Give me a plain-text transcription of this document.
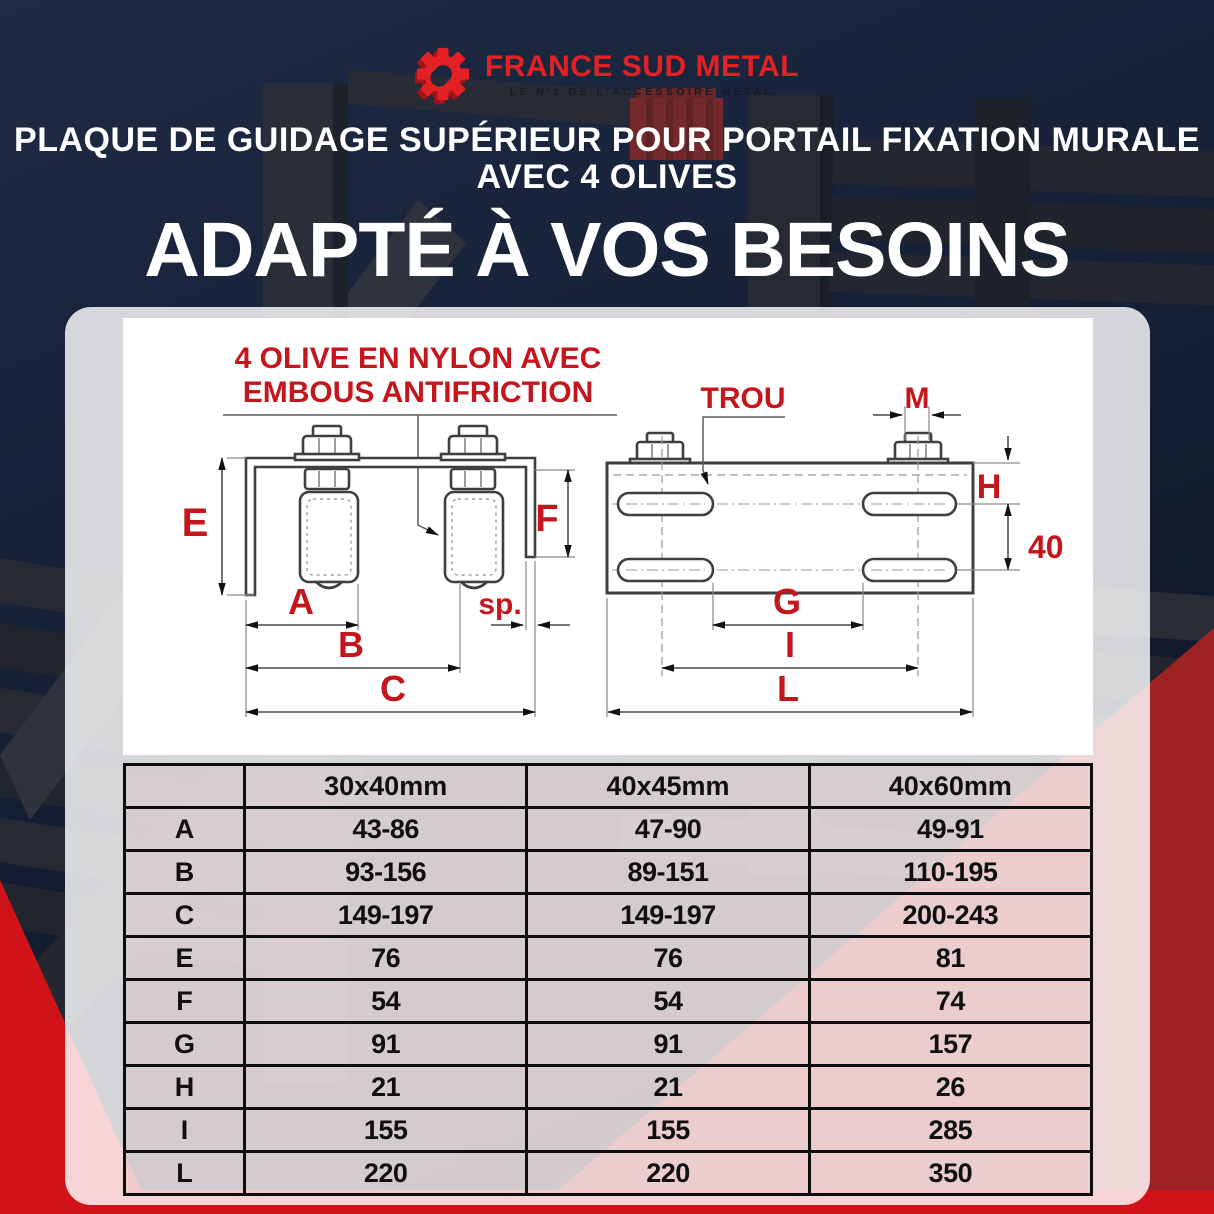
FRANCE SUD METAL
LE N'1 DE L'ACCESSOIRE MÉTAL
PLAQUE DE GUIDAGE SUPÉRIEUR POUR PORTAIL FIXATION MURALE
AVEC 4 OLIVES
ADAPTÉ À VOS BESOINS
4 OLIVE EN NYLON AVEC
EMBOUS ANTIFRICTION
E	F
A	sp.
B
C
TROU	M
H
40
G
I
L
	30x40mm	40x45mm	40x60mm
A	43-86	47-90	49-91
B	93-156	89-151	110-195
C	149-197	149-197	200-243
E	76	76	81
F	54	54	74
G	91	91	157
H	21	21	26
I	155	155	285
L	220	220	350
